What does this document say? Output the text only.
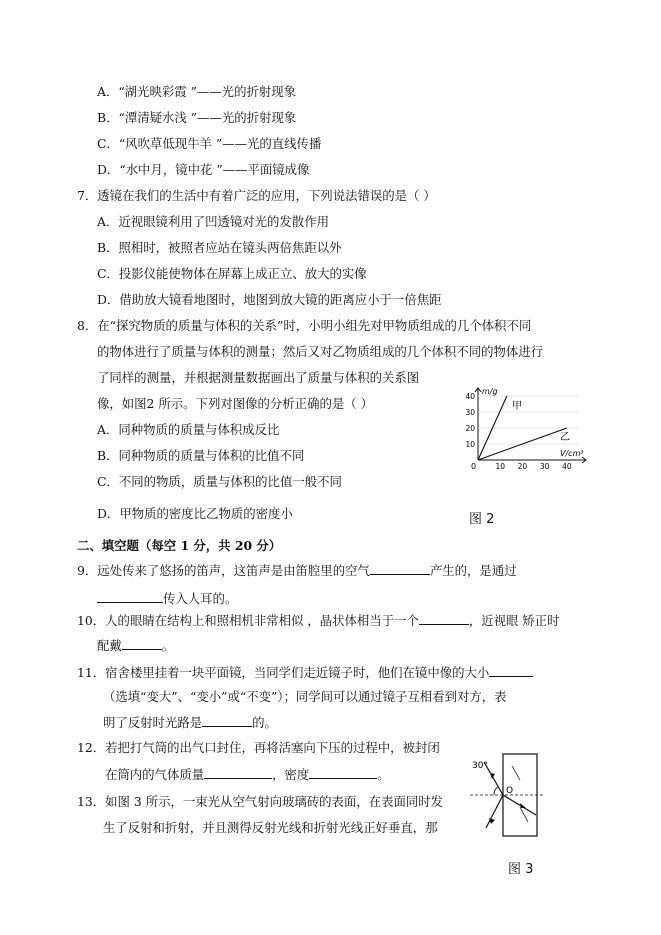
A．“湖光映彩霞 ”——光的折射现象
B．“潭清疑水浅 ”——光的折射现象
C．“风吹草低现牛羊 ”——光的直线传播
D．“水中月，镜中花 ”——平面镜成像
7．透镜在我们的生活中有着广泛的应用，下列说法错误的是（ ）
A．近视眼镜利用了凹透镜对光的发散作用
B．照相时，被照者应站在镜头两倍焦距以外
C．投影仪能使物体在屏幕上成正立、放大的实像
D．借助放大镜看地图时，地图到放大镜的距离应小于一倍焦距
8．在“探究物质的质量与体积的关系”时，小明小组先对甲物质组成的几个体积不同
的物体进行了质量与体积的测量；然后又对乙物质组成的几个体积不同的物体进行
了同样的测量，并根据测量数据画出了质量与体积的关系图
像，如图2 所示。下列对图像的分析正确的是（ ）
A．同种物质的质量与体积成反比
B．同种物质的质量与体积的比值不同
C．不同的物质，质量与体积的比值一般不同
D．甲物质的密度比乙物质的密度小
10
20
30
40
10 20 30 40
m/g
V/cm³
0
甲
乙
图 2
二、填空题（每空 1 分，共 20 分）
9．远处传来了悠扬的笛声，这笛声是由笛腔里的空气	产生的，是通过
传入人耳的。
10．人的眼睛在结构上和照相机非常相似 ，晶状体相当于一个	，近视眼 矫正时
配戴	。
11．宿舍楼里挂着一块平面镜，当同学们走近镜子时，他们在镜中像的大小
（选填“变大”、“变小”或“不变”）；同学间可以通过镜子互相看到对方，表
明了反射时光路是	的。
12．若把打气筒的出气口封住，再将活塞向下压的过程中，被封闭
在筒内的气体质量	，密度	。
13．如图 3 所示，一束光从空气射向玻璃砖的表面，在表面同时发
生了反射和折射，并且测得反射光线和折射光线正好垂直，那
30°
O
图 3
